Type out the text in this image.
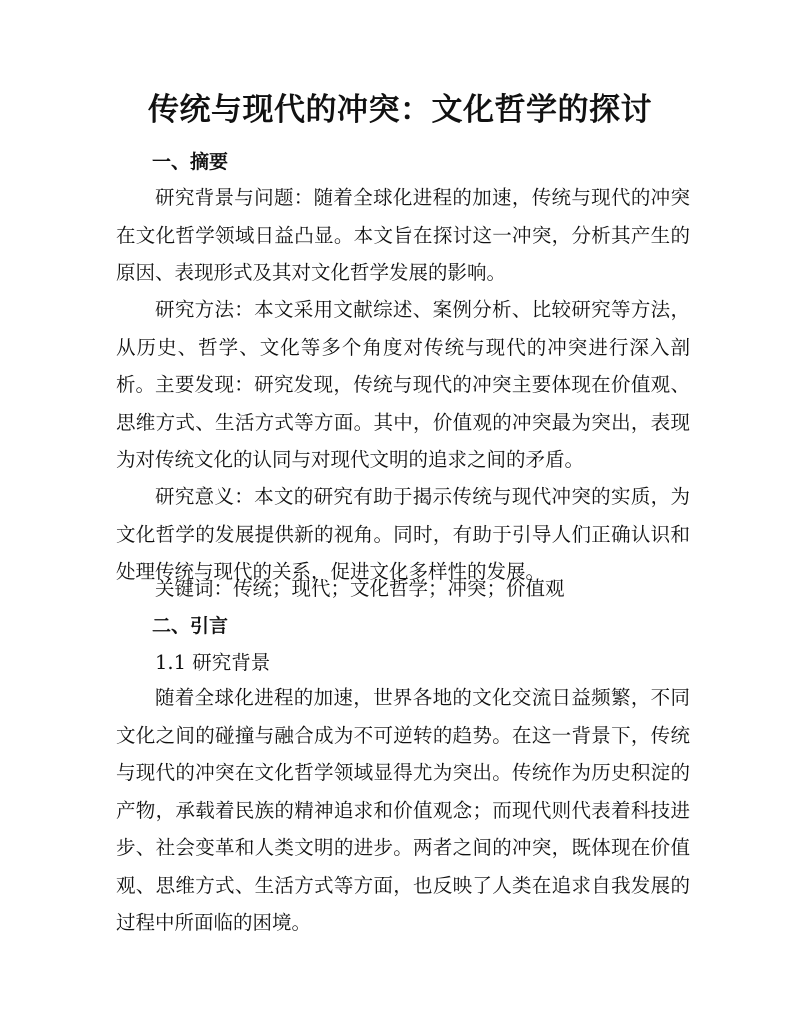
传统与现代的冲突：文化哲学的探讨
一、摘要

研究背景与问题：随着全球化进程的加速，传统与现代的冲突在文化哲学领域日益凸显。本文旨在探讨这一冲突，分析其产生的原因、表现形式及其对文化哲学发展的影响。

研究方法：本文采用文献综述、案例分析、比较研究等方法，从历史、哲学、文化等多个角度对传统与现代的冲突进行深入剖析。 主要发现：研究发现，传统与现代的冲突主要体现在价值观、思维方式、生活方式等方面。其中，价值观的冲突最为突出，表现为对传统文化的认同与对现代文明的追求之间的矛盾。

研究意义：本文的研究有助于揭示传统与现代冲突的实质，为文化哲学的发展提供新的视角。同时，有助于引导人们正确认识和处理传统与现代的关系，促进文化多样性的发展。

关键词：传统；现代；文化哲学；冲突；价值观

二、引言

1.1 研究背景

随着全球化进程的加速，世界各地的文化交流日益频繁，不同文化之间的碰撞与融合成为不可逆转的趋势。在这一背景下，传统与现代的冲突在文化哲学领域显得尤为突出。传统作为历史积淀的产物，承载着民族的精神追求和价值观念；而现代则代表着科技进步、社会变革和人类文明的进步。两者之间的冲突，既体现在价值观、思维方式、生活方式等方面，也反映了人类在追求自我发展的过程中所面临的困境。
